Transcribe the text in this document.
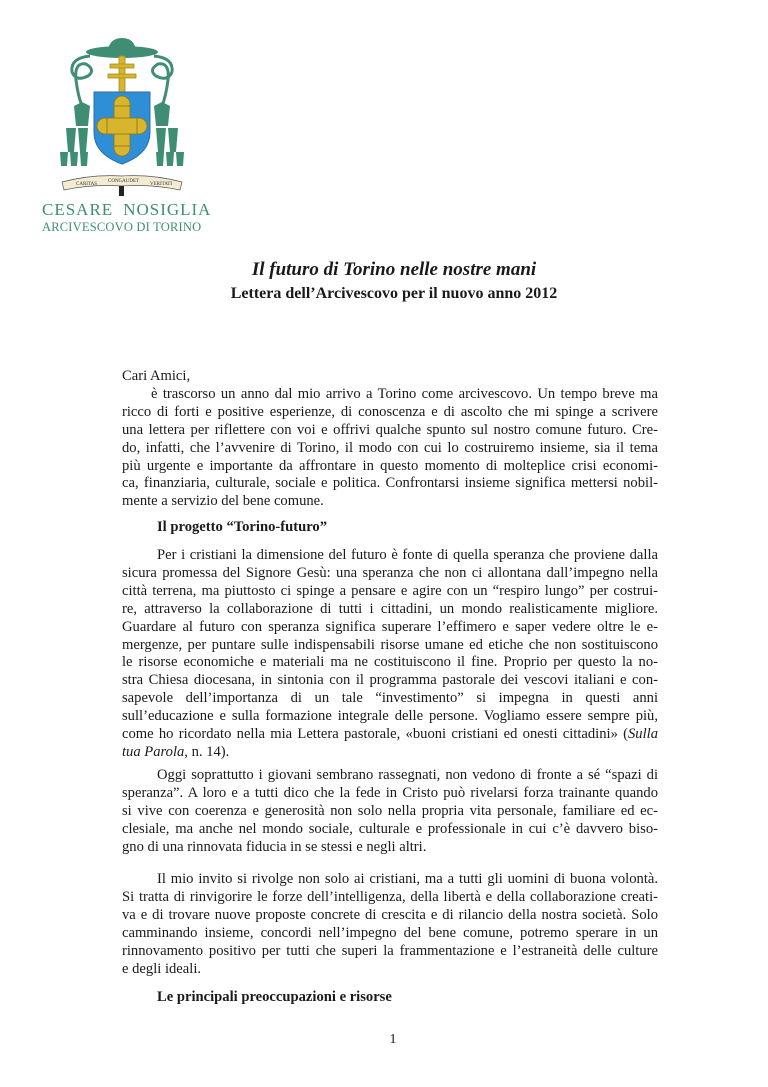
CARITAS
CONGAUDET
VERITATI
CESARE NOSIGLIA
ARCIVESCOVO DI TORINO
Il futuro di Torino nelle nostre mani
Lettera dell’Arcivescovo per il nuovo anno 2012
Cari Amici,
è trascorso un anno dal mio arrivo a Torino come arcivescovo. Un tempo breve ma
ricco di forti e positive esperienze, di conoscenza e di ascolto che mi spinge a scrivere
una lettera per riflettere con voi e offrivi qualche spunto sul nostro comune futuro. Cre-
do, infatti, che l’avvenire di Torino, il modo con cui lo costruiremo insieme, sia il tema
più urgente e importante da affrontare in questo momento di molteplice crisi economi-
ca, finanziaria, culturale, sociale e politica. Confrontarsi insieme significa mettersi nobil-
mente a servizio del bene comune.
Il progetto “Torino-futuro”
Per i cristiani la dimensione del futuro è fonte di quella speranza che proviene dalla
sicura promessa del Signore Gesù: una speranza che non ci allontana dall’impegno nella
città terrena, ma piuttosto ci spinge a pensare e agire con un “respiro lungo” per costrui-
re, attraverso la collaborazione di tutti i cittadini, un mondo realisticamente migliore.
Guardare al futuro con speranza significa superare l’effimero e saper vedere oltre le e-
mergenze, per puntare sulle indispensabili risorse umane ed etiche che non sostituiscono
le risorse economiche e materiali ma ne costituiscono il fine. Proprio per questo la no-
stra Chiesa diocesana, in sintonia con il programma pastorale dei vescovi italiani e con-
sapevole dell’importanza di un tale “investimento” si impegna in questi anni
sull’educazione e sulla formazione integrale delle persone. Vogliamo essere sempre più,
come ho ricordato nella mia Lettera pastorale, «buoni cristiani ed onesti cittadini» (Sulla
tua Parola, n. 14).
Oggi soprattutto i giovani sembrano rassegnati, non vedono di fronte a sé “spazi di
speranza”. A loro e a tutti dico che la fede in Cristo può rivelarsi forza trainante quando
si vive con coerenza e generosità non solo nella propria vita personale, familiare ed ec-
clesiale, ma anche nel mondo sociale, culturale e professionale in cui c’è davvero biso-
gno di una rinnovata fiducia in se stessi e negli altri.
Il mio invito si rivolge non solo ai cristiani, ma a tutti gli uomini di buona volontà.
Si tratta di rinvigorire le forze dell’intelligenza, della libertà e della collaborazione creati-
va e di trovare nuove proposte concrete di crescita e di rilancio della nostra società. Solo
camminando insieme, concordi nell’impegno del bene comune, potremo sperare in un
rinnovamento positivo per tutti che superi la frammentazione e l’estraneità delle culture
e degli ideali.
Le principali preoccupazioni e risorse
1
